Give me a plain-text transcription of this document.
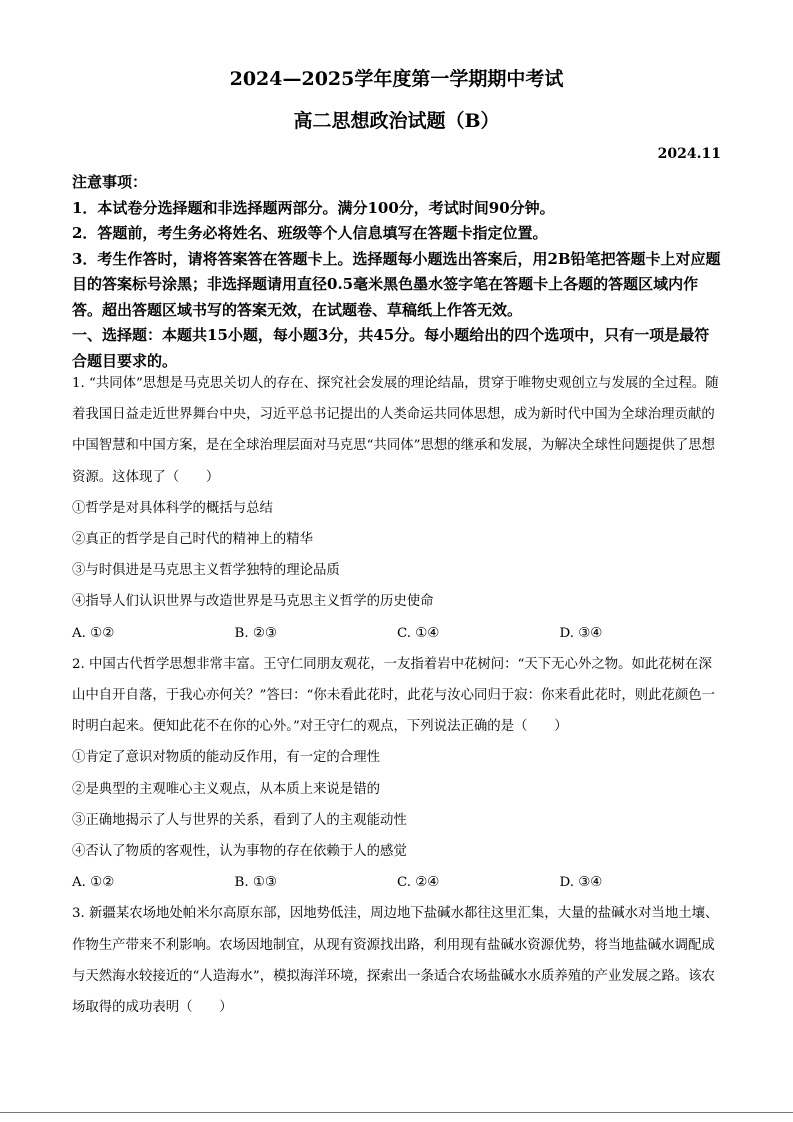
2024—2025学年度第一学期期中考试
高二思想政治试题（B）
2024.11

注意事项：

1．本试卷分选择题和非选择题两部分。满分100分，考试时间90分钟。

2．答题前，考生务必将姓名、班级等个人信息填写在答题卡指定位置。

3．考生作答时，请将答案答在答题卡上。选择题每小题选出答案后，用2B铅笔把答题卡上对应题目的答案标号涂黑；非选择题请用直径0.5毫米黑色墨水签字笔在答题卡上各题的答题区域内作答。超出答题区域书写的答案无效，在试题卷、草稿纸上作答无效。

一、选择题：本题共15小题，每小题3分，共45分。每小题给出的四个选项中，只有一项是最符合题目要求的。

1. “共同体”思想是马克思关切人的存在、探究社会发展的理论结晶，贯穿于唯物史观创立与发展的全过程。随着我国日益走近世界舞台中央，习近平总书记提出的人类命运共同体思想，成为新时代中国为全球治理贡献的中国智慧和中国方案，是在全球治理层面对马克思“共同体”思想的继承和发展，为解决全球性问题提供了思想资源。这体现了（　　）

①哲学是对具体科学的概括与总结

②真正的哲学是自己时代的精神上的精华

③与时俱进是马克思主义哲学独特的理论品质

④指导人们认识世界与改造世界是马克思主义哲学的历史使命

A. ①②	B. ②③	C. ①④	D. ③④

2. 中国古代哲学思想非常丰富。王守仁同朋友观花，一友指着岩中花树问：“天下无心外之物。如此花树在深山中自开自落，于我心亦何关？”答曰：“你未看此花时，此花与汝心同归于寂：你来看此花时，则此花颜色一时明白起来。便知此花不在你的心外。”对王守仁的观点，下列说法正确的是（　　）

①肯定了意识对物质的能动反作用，有一定的合理性

②是典型的主观唯心主义观点，从本质上来说是错的

③正确地揭示了人与世界的关系，看到了人的主观能动性

④否认了物质的客观性，认为事物的存在依赖于人的感觉

A. ①②	B. ①③	C. ②④	D. ③④

3. 新疆某农场地处帕米尔高原东部，因地势低洼，周边地下盐碱水都往这里汇集，大量的盐碱水对当地土壤、作物生产带来不利影响。农场因地制宜，从现有资源找出路，利用现有盐碱水资源优势，将当地盐碱水调配成与天然海水较接近的“人造海水”，模拟海洋环境，探索出一条适合农场盐碱水水质养殖的产业发展之路。该农场取得的成功表明（　　）
